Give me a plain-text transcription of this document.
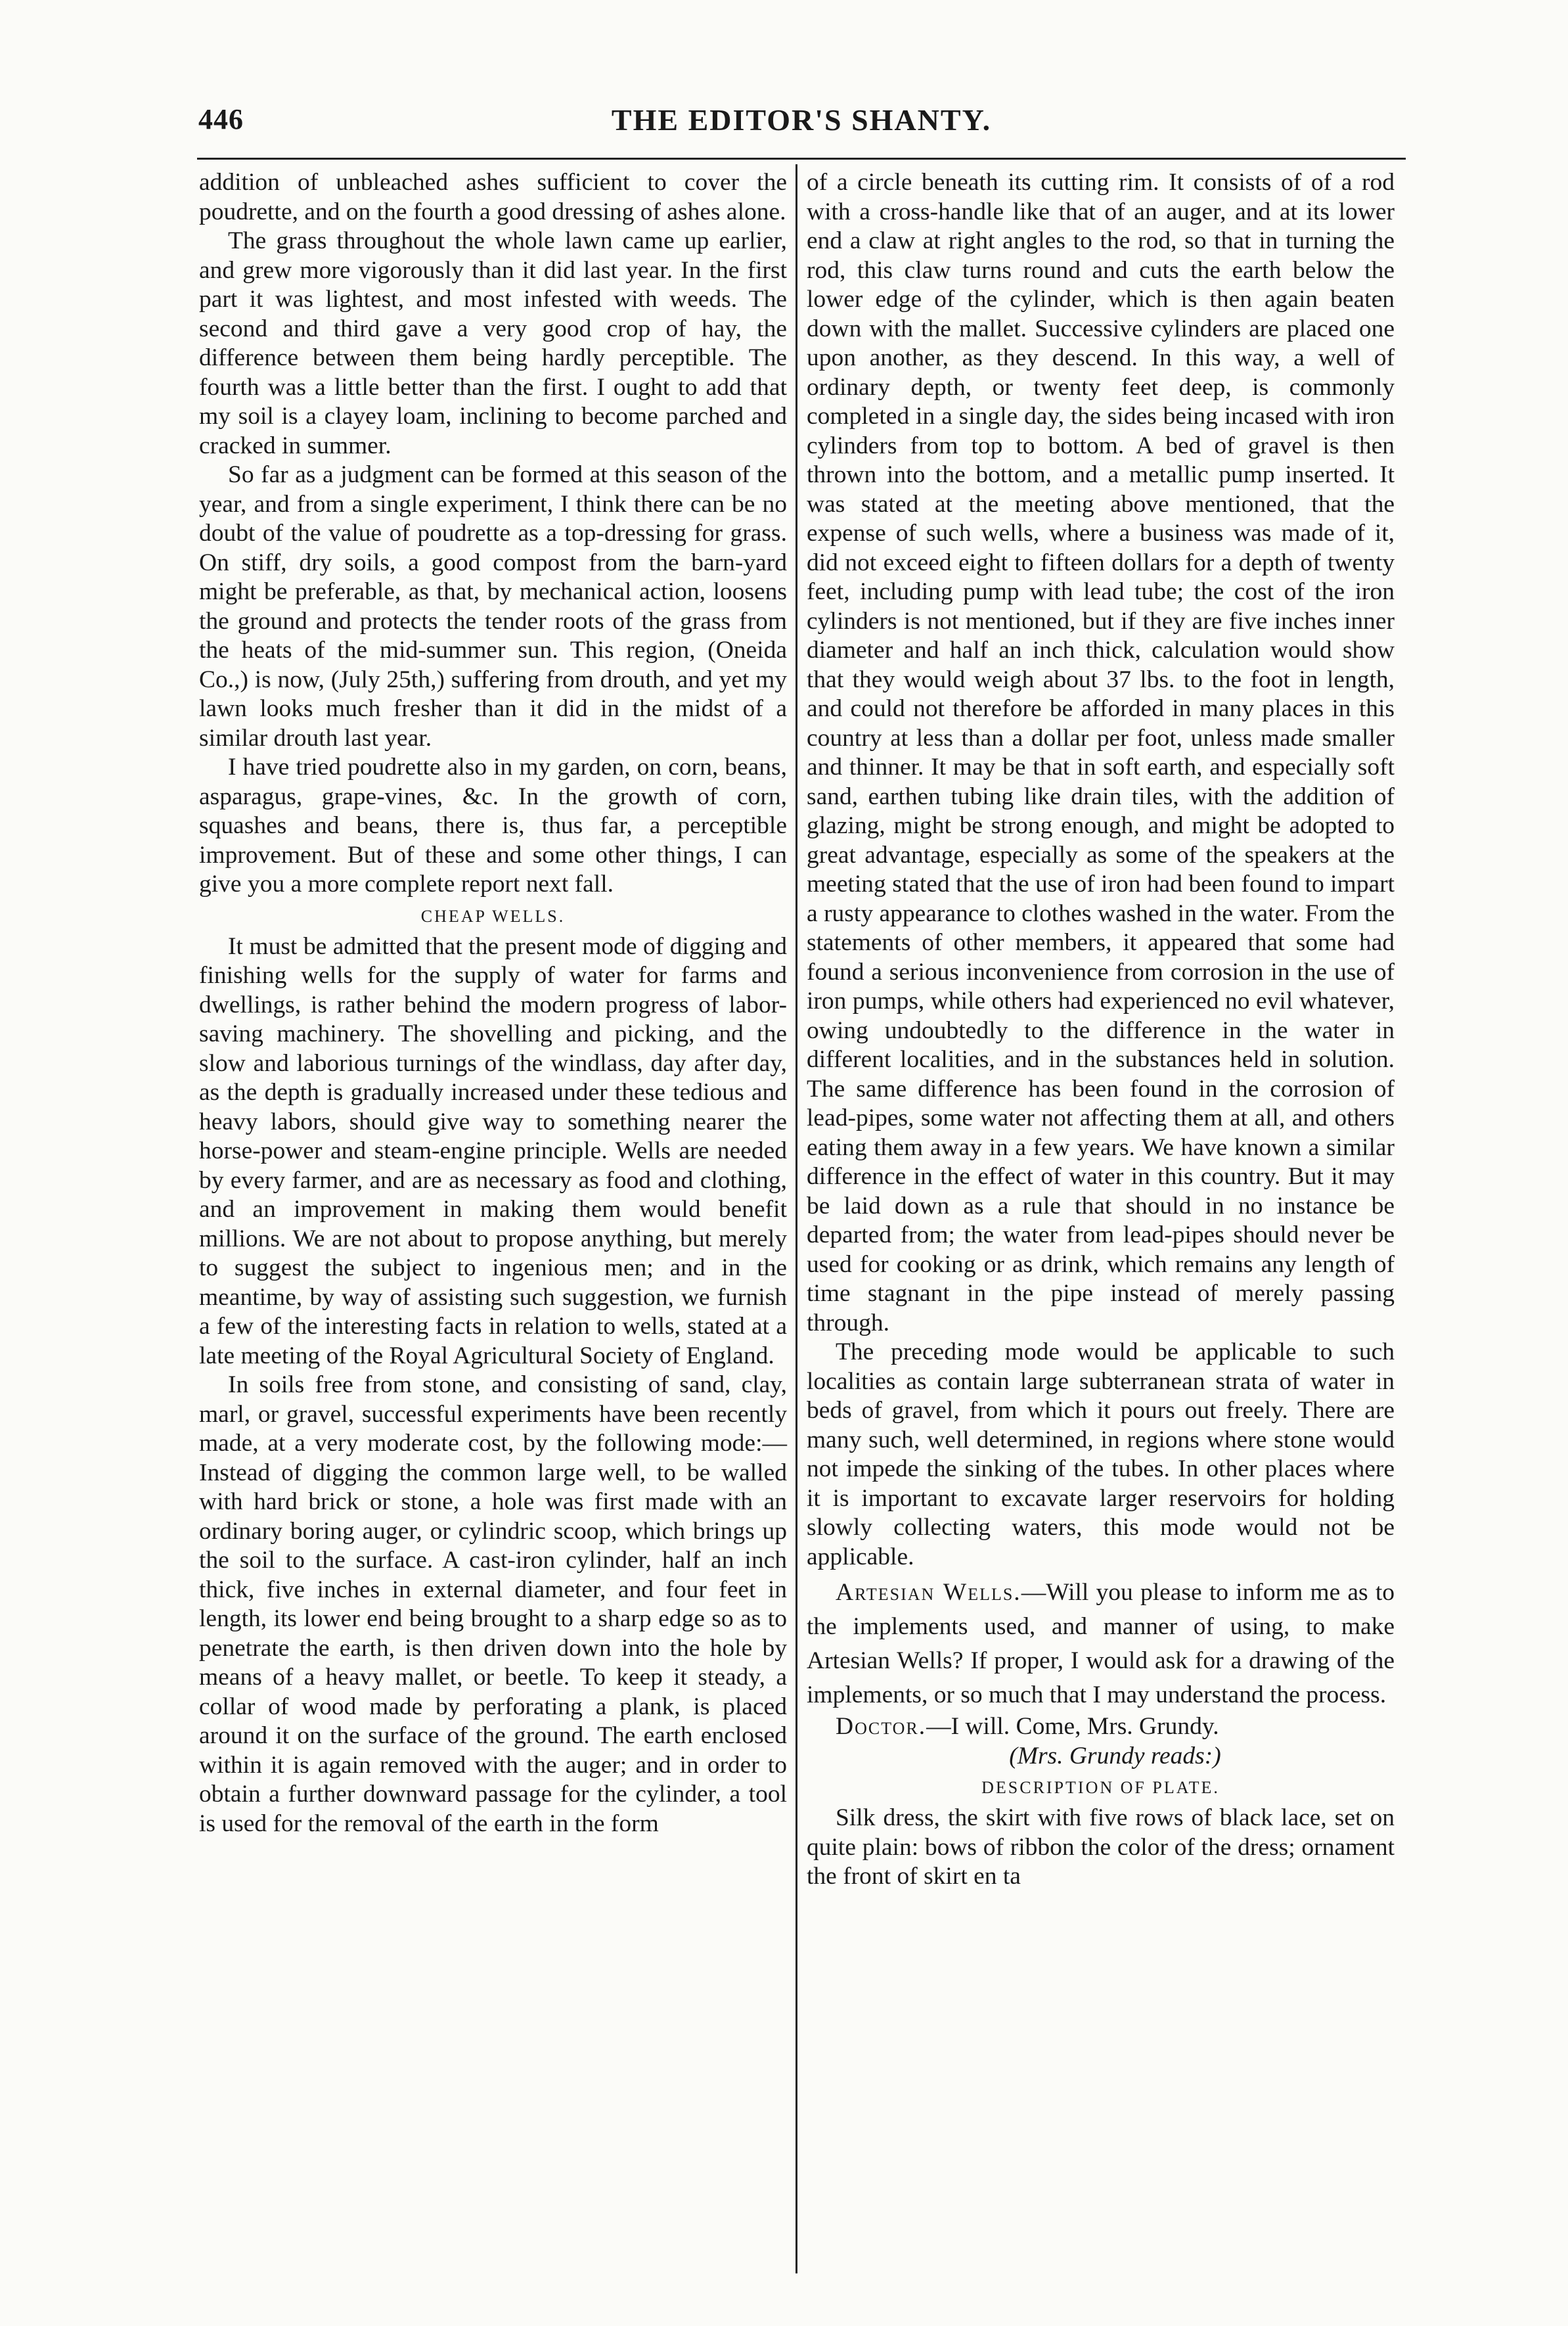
446	THE EDITOR'S SHANTY.

addition of unbleached ashes sufficient to cover the poudrette, and on the fourth a good dressing of ashes alone.

The grass throughout the whole lawn came up earlier, and grew more vigorously than it did last year. In the first part it was lightest, and most infested with weeds. The second and third gave a very good crop of hay, the difference between them being hardly perceptible. The fourth was a little better than the first. I ought to add that my soil is a clayey loam, inclining to become parched and cracked in summer.

So far as a judgment can be formed at this season of the year, and from a single experiment, I think there can be no doubt of the value of poudrette as a top-dressing for grass. On stiff, dry soils, a good compost from the barn-yard might be preferable, as that, by mechanical action, loosens the ground and protects the tender roots of the grass from the heats of the mid-summer sun. This region, (Oneida Co.,) is now, (July 25th,) suffering from drouth, and yet my lawn looks much fresher than it did in the midst of a similar drouth last year.

I have tried poudrette also in my garden, on corn, beans, asparagus, grape-vines, &c. In the growth of corn, squashes and beans, there is, thus far, a perceptible improvement. But of these and some other things, I can give you a more complete report next fall.

CHEAP WELLS.

It must be admitted that the present mode of digging and finishing wells for the supply of water for farms and dwellings, is rather behind the modern progress of labor-saving machinery. The shovelling and picking, and the slow and laborious turnings of the windlass, day after day, as the depth is gradually increased under these tedious and heavy labors, should give way to something nearer the horse-power and steam-engine principle. Wells are needed by every farmer, and are as necessary as food and clothing, and an improvement in making them would benefit millions. We are not about to propose anything, but merely to suggest the subject to ingenious men; and in the meantime, by way of assisting such suggestion, we furnish a few of the interesting facts in relation to wells, stated at a late meeting of the Royal Agricultural Society of England.

In soils free from stone, and consisting of sand, clay, marl, or gravel, successful experiments have been recently made, at a very moderate cost, by the following mode:—Instead of digging the common large well, to be walled with hard brick or stone, a hole was first made with an ordinary boring auger, or cylindric scoop, which brings up the soil to the surface. A cast-iron cylinder, half an inch thick, five inches in external diameter, and four feet in length, its lower end being brought to a sharp edge so as to penetrate the earth, is then driven down into the hole by means of a heavy mallet, or beetle. To keep it steady, a collar of wood made by perforating a plank, is placed around it on the surface of the ground. The earth enclosed within it is again removed with the auger; and in order to obtain a further downward passage for the cylinder, a tool is used for the removal of the earth in the form

of a circle beneath its cutting rim. It consists of of a rod with a cross-handle like that of an auger, and at its lower end a claw at right angles to the rod, so that in turning the rod, this claw turns round and cuts the earth below the lower edge of the cylinder, which is then again beaten down with the mallet. Successive cylinders are placed one upon another, as they descend. In this way, a well of ordinary depth, or twenty feet deep, is commonly completed in a single day, the sides being incased with iron cylinders from top to bottom. A bed of gravel is then thrown into the bottom, and a metallic pump inserted. It was stated at the meeting above mentioned, that the expense of such wells, where a business was made of it, did not exceed eight to fifteen dollars for a depth of twenty feet, including pump with lead tube; the cost of the iron cylinders is not mentioned, but if they are five inches inner diameter and half an inch thick, calculation would show that they would weigh about 37 lbs. to the foot in length, and could not therefore be afforded in many places in this country at less than a dollar per foot, unless made smaller and thinner. It may be that in soft earth, and especially soft sand, earthen tubing like drain tiles, with the addition of glazing, might be strong enough, and might be adopted to great advantage, especially as some of the speakers at the meeting stated that the use of iron had been found to impart a rusty appearance to clothes washed in the water. From the statements of other members, it appeared that some had found a serious inconvenience from corrosion in the use of iron pumps, while others had experienced no evil whatever, owing undoubtedly to the difference in the water in different localities, and in the substances held in solution. The same difference has been found in the corrosion of lead-pipes, some water not affecting them at all, and others eating them away in a few years. We have known a similar difference in the effect of water in this country. But it may be laid down as a rule that should in no instance be departed from; the water from lead-pipes should never be used for cooking or as drink, which remains any length of time stagnant in the pipe instead of merely passing through.

The preceding mode would be applicable to such localities as contain large subterranean strata of water in beds of gravel, from which it pours out freely. There are many such, well determined, in regions where stone would not impede the sinking of the tubes. In other places where it is important to excavate larger reservoirs for holding slowly collecting waters, this mode would not be applicable.

Artesian Wells.—Will you please to inform me as to the implements used, and manner of using, to make Artesian Wells? If proper, I would ask for a drawing of the implements, or so much that I may understand the process.

Doctor.—I will. Come, Mrs. Grundy.

(Mrs. Grundy reads:)

DESCRIPTION OF PLATE.

Silk dress, the skirt with five rows of black lace, set on quite plain: bows of ribbon the color of the dress; ornament the front of skirt en ta
